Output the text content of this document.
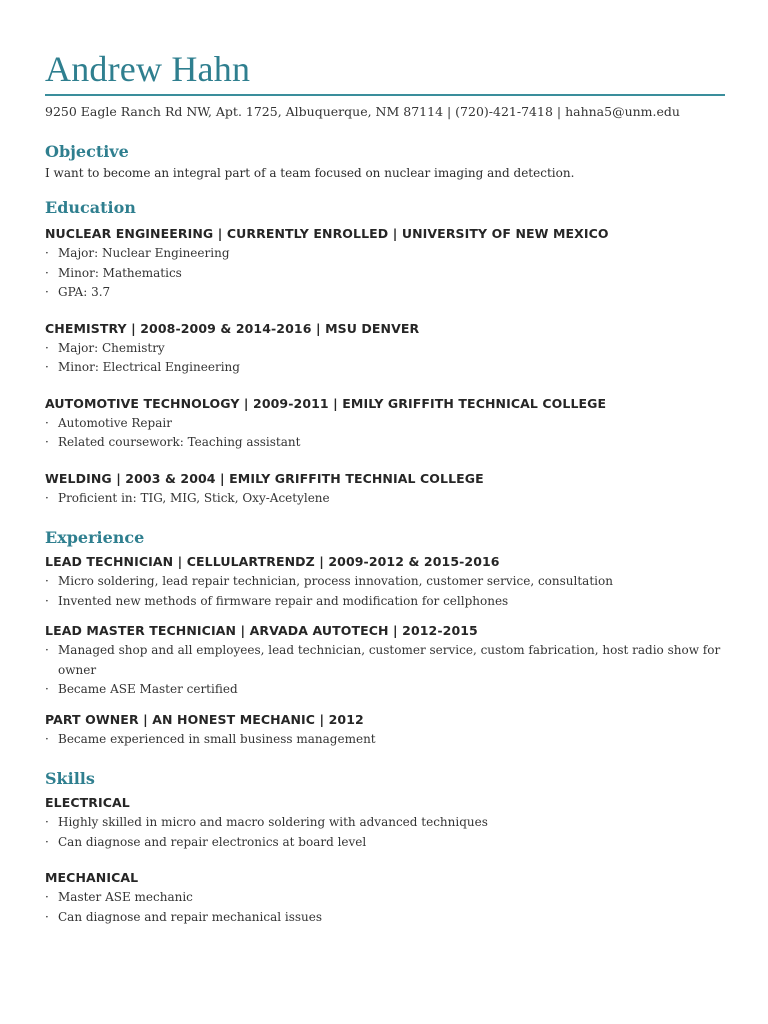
Andrew Hahn
9250 Eagle Ranch Rd NW, Apt. 1725, Albuquerque, NM 87114 | (720)-421-7418 | hahna5@unm.edu
Objective

I want to become an integral part of a team focused on nuclear imaging and detection.

Education
NUCLEAR ENGINEERING | CURRENTLY ENROLLED | UNIVERSITY OF NEW MEXICO
· Major: Nuclear Engineering
· Minor: Mathematics
· GPA: 3.7
CHEMISTRY | 2008-2009 & 2014-2016 | MSU DENVER
· Major: Chemistry
· Minor: Electrical Engineering
AUTOMOTIVE TECHNOLOGY | 2009-2011 | EMILY GRIFFITH TECHNICAL COLLEGE
· Automotive Repair
· Related coursework: Teaching assistant
WELDING | 2003 & 2004 | EMILY GRIFFITH TECHNIAL COLLEGE
· Proficient in: TIG, MIG, Stick, Oxy-Acetylene
Experience
LEAD TECHNICIAN | CELLULARTRENDZ | 2009-2012 & 2015-2016
· Micro soldering, lead repair technician, process innovation, customer service, consultation
· Invented new methods of firmware repair and modification for cellphones
LEAD MASTER TECHNICIAN | ARVADA AUTOTECH | 2012-2015
· Managed shop and all employees, lead technician, customer service, custom fabrication, host radio show for owner
· Became ASE Master certified
PART OWNER | AN HONEST MECHANIC | 2012
· Became experienced in small business management
Skills
ELECTRICAL
· Highly skilled in micro and macro soldering with advanced techniques
· Can diagnose and repair electronics at board level
MECHANICAL
· Master ASE mechanic
· Can diagnose and repair mechanical issues
